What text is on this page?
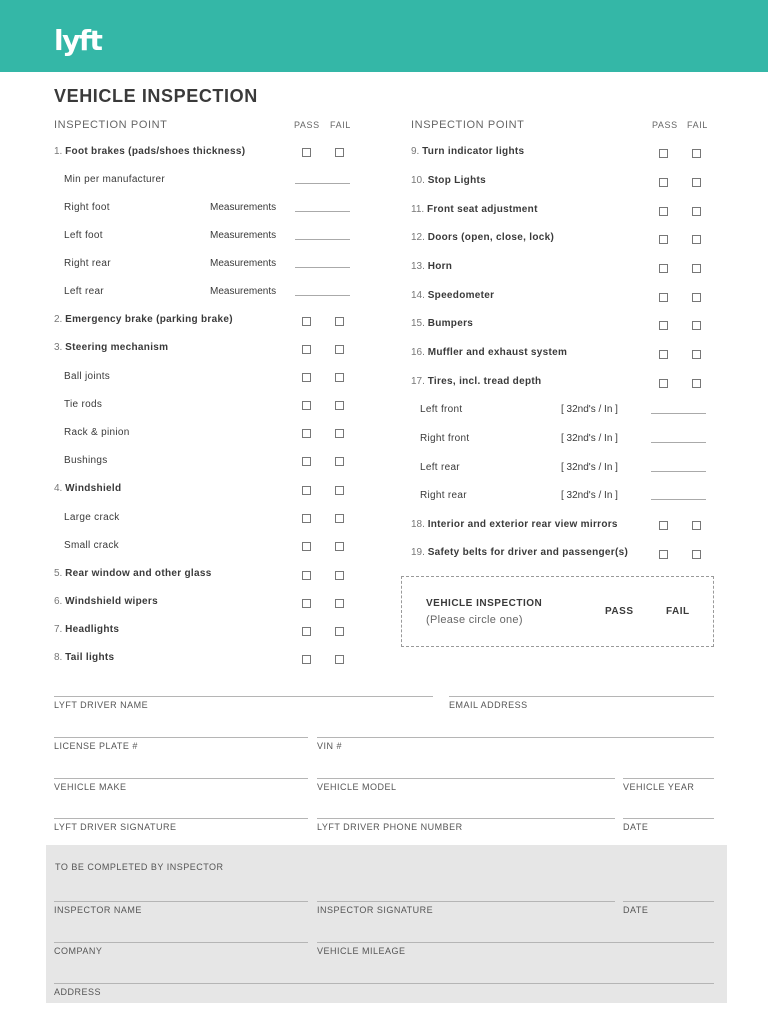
lyft
VEHICLE INSPECTION
INSPECTION POINT	PASS FAIL	INSPECTION POINT	PASS FAIL
1. Foot brakes (pads/shoes thickness)
Min per manufacturer
Right foot	Measurements
Left foot	Measurements
Right rear	Measurements
Left rear	Measurements
2. Emergency brake (parking brake)
3. Steering mechanism
Ball joints
Tie rods
Rack & pinion
Bushings
4. Windshield
Large crack
Small crack
5. Rear window and other glass
6. Windshield wipers
7. Headlights
8. Tail lights
9. Turn indicator lights
10. Stop Lights
11. Front seat adjustment
12. Doors (open, close, lock)
13. Horn
14. Speedometer
15. Bumpers
16. Muffler and exhaust system
17. Tires, incl. tread depth
Left front	[ 32nd's / In ]
Right front	[ 32nd's / In ]
Left rear	[ 32nd's / In ]
Right rear	[ 32nd's / In ]
18. Interior and exterior rear view mirrors
19. Safety belts for driver and passenger(s)
VEHICLE INSPECTION
(Please circle one)
PASS	FAIL
LYFT DRIVER NAME	EMAIL ADDRESS
LICENSE PLATE #	VIN #
VEHICLE MAKE	VEHICLE MODEL	VEHICLE YEAR
LYFT DRIVER SIGNATURE	LYFT DRIVER PHONE NUMBER	DATE
TO BE COMPLETED BY INSPECTOR
INSPECTOR NAME	INSPECTOR SIGNATURE	DATE
COMPANY	VEHICLE MILEAGE
ADDRESS
